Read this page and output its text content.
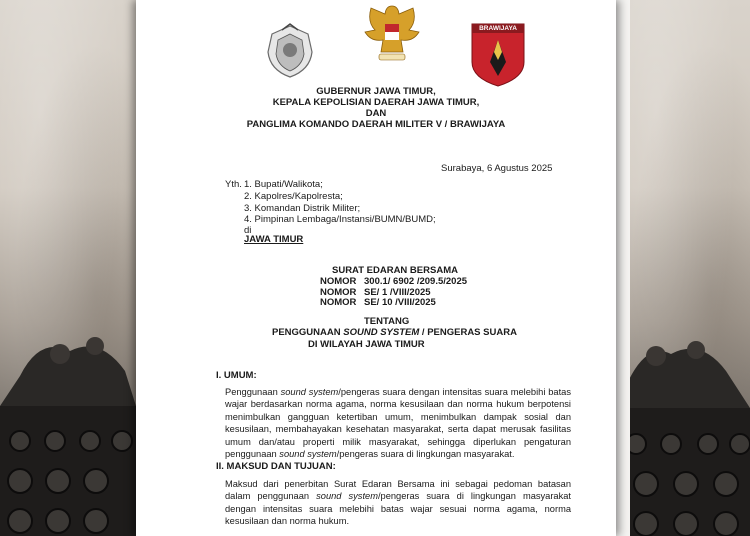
BRAWIJAYA
GUBERNUR JAWA TIMUR,
KEPALA KEPOLISIAN DAERAH JAWA TIMUR,
DAN
PANGLIMA KOMANDO DAERAH MILITER V / BRAWIJAYA
Surabaya, 6 Agustus 2025
Yth. 1. Bupati/Walikota;
2. Kapolres/Kapolresta;
3. Komandan Distrik Militer;
4. Pimpinan Lembaga/Instansi/BUMN/BUMD;
di
JAWA TIMUR
SURAT EDARAN BERSAMA
NOMOR 300.1/ 6902 /209.5/2025
NOMOR SE/ 1 /VIII/2025
NOMOR SE/ 10 /VIII/2025
TENTANG
PENGGUNAAN SOUND SYSTEM / PENGERAS SUARA
DI WILAYAH JAWA TIMUR
I. UMUM:
Penggunaan sound system/pengeras suara dengan intensitas suara melebihi batas wajar berdasarkan norma agama, norma kesusilaan dan norma hukum berpotensi menimbulkan gangguan ketertiban umum, menimbulkan dampak sosial dan kesusilaan, membahayakan kesehatan masyarakat, serta dapat merusak fasilitas umum dan/atau properti milik masyarakat, sehingga diperlukan pengaturan penggunaan sound system/pengeras suara di lingkungan masyarakat.
II. MAKSUD DAN TUJUAN:
Maksud dari penerbitan Surat Edaran Bersama ini sebagai pedoman batasan dalam penggunaan sound system/pengeras suara di lingkungan masyarakat dengan intensitas suara melebihi batas wajar sesuai norma agama, norma kesusilaan dan norma hukum.
